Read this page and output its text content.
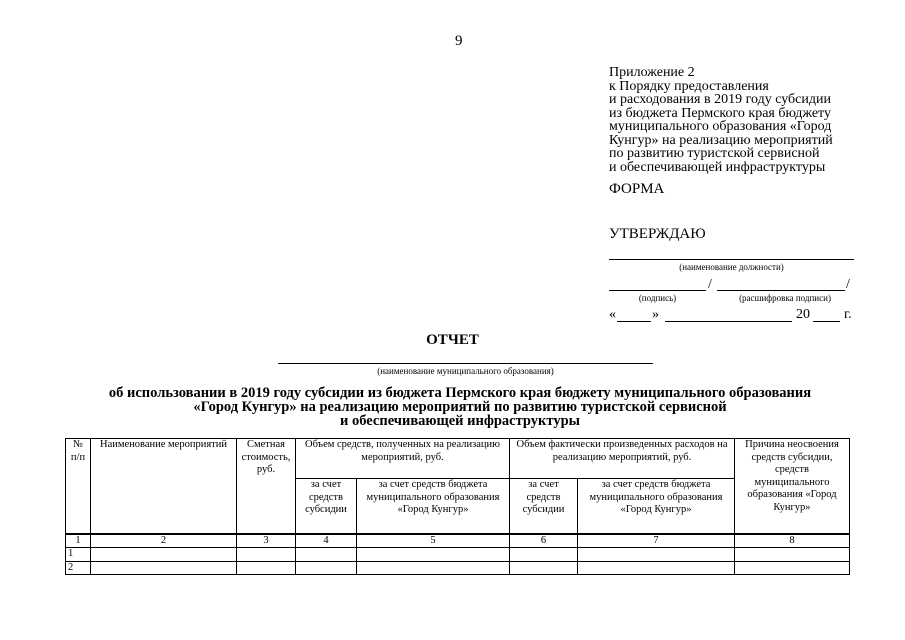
9
Приложение 2
к Порядку предоставления
и расходования в 2019 году субсидии
из бюджета Пермского края бюджету
муниципального образования «Город
Кунгур» на реализацию мероприятий
по развитию туристской сервисной
и обеспечивающей инфраструктуры
ФОРМА
УТВЕРЖДАЮ
(наименование должности)
/	/
(подпись)	(расшифровка подписи)
«	»	20 г.
ОТЧЕТ
(наименование муниципального образования)
об использовании в 2019 году субсидии из бюджета Пермского края бюджету муниципального образования
«Город Кунгур» на реализацию мероприятий по развитию туристской сервисной
и обеспечивающей инфраструктуры
№ п/п	Наименование мероприятий	Сметная стоимость, руб.	Объем средств, полученных на реализацию мероприятий, руб.		Объем фактически произведенных расходов на реализацию мероприятий, руб.		Причина неосвоения средств субсидии, средств муниципального образования «Город Кунгур»
			за счет средств субсидии	за счет средств бюджета муниципального образования «Город Кунгур»	за счет средств субсидии	за счет средств бюджета муниципального образования «Город Кунгур»	
1	2	3	4	5	6	7	8
1							
2							
